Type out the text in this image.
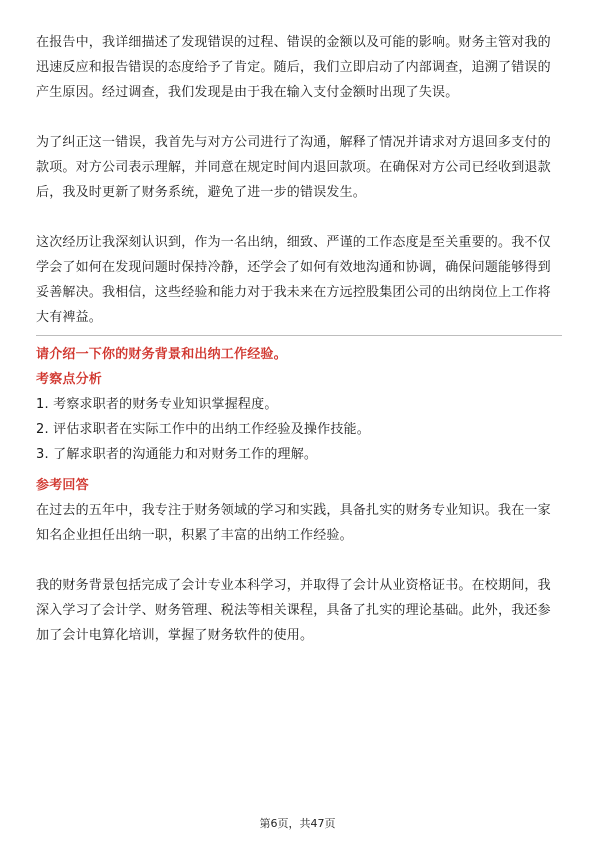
在报告中，我详细描述了发现错误的过程、错误的金额以及可能的影响。财务主管对我的迅速反应和报告错误的态度给予了肯定。随后，我们立即启动了内部调查，追溯了错误的产生原因。经过调查，我们发现是由于我在输入支付金额时出现了失误。

为了纠正这一错误，我首先与对方公司进行了沟通，解释了情况并请求对方退回多支付的款项。对方公司表示理解，并同意在规定时间内退回款项。在确保对方公司已经收到退款后，我及时更新了财务系统，避免了进一步的错误发生。

这次经历让我深刻认识到，作为一名出纳，细致、严谨的工作态度是至关重要的。我不仅学会了如何在发现问题时保持冷静，还学会了如何有效地沟通和协调，确保问题能够得到妥善解决。我相信，这些经验和能力对于我未来在方远控股集团公司的出纳岗位上工作将大有裨益。

请介绍一下你的财务背景和出纳工作经验。

考察点分析

1. 考察求职者的财务专业知识掌握程度。

2. 评估求职者在实际工作中的出纳工作经验及操作技能。

3. 了解求职者的沟通能力和对财务工作的理解。

参考回答

在过去的五年中，我专注于财务领域的学习和实践，具备扎实的财务专业知识。我在一家知名企业担任出纳一职，积累了丰富的出纳工作经验。

我的财务背景包括完成了会计专业本科学习，并取得了会计从业资格证书。在校期间，我深入学习了会计学、财务管理、税法等相关课程，具备了扎实的理论基础。此外，我还参加了会计电算化培训，掌握了财务软件的使用。

第6页，共47页
